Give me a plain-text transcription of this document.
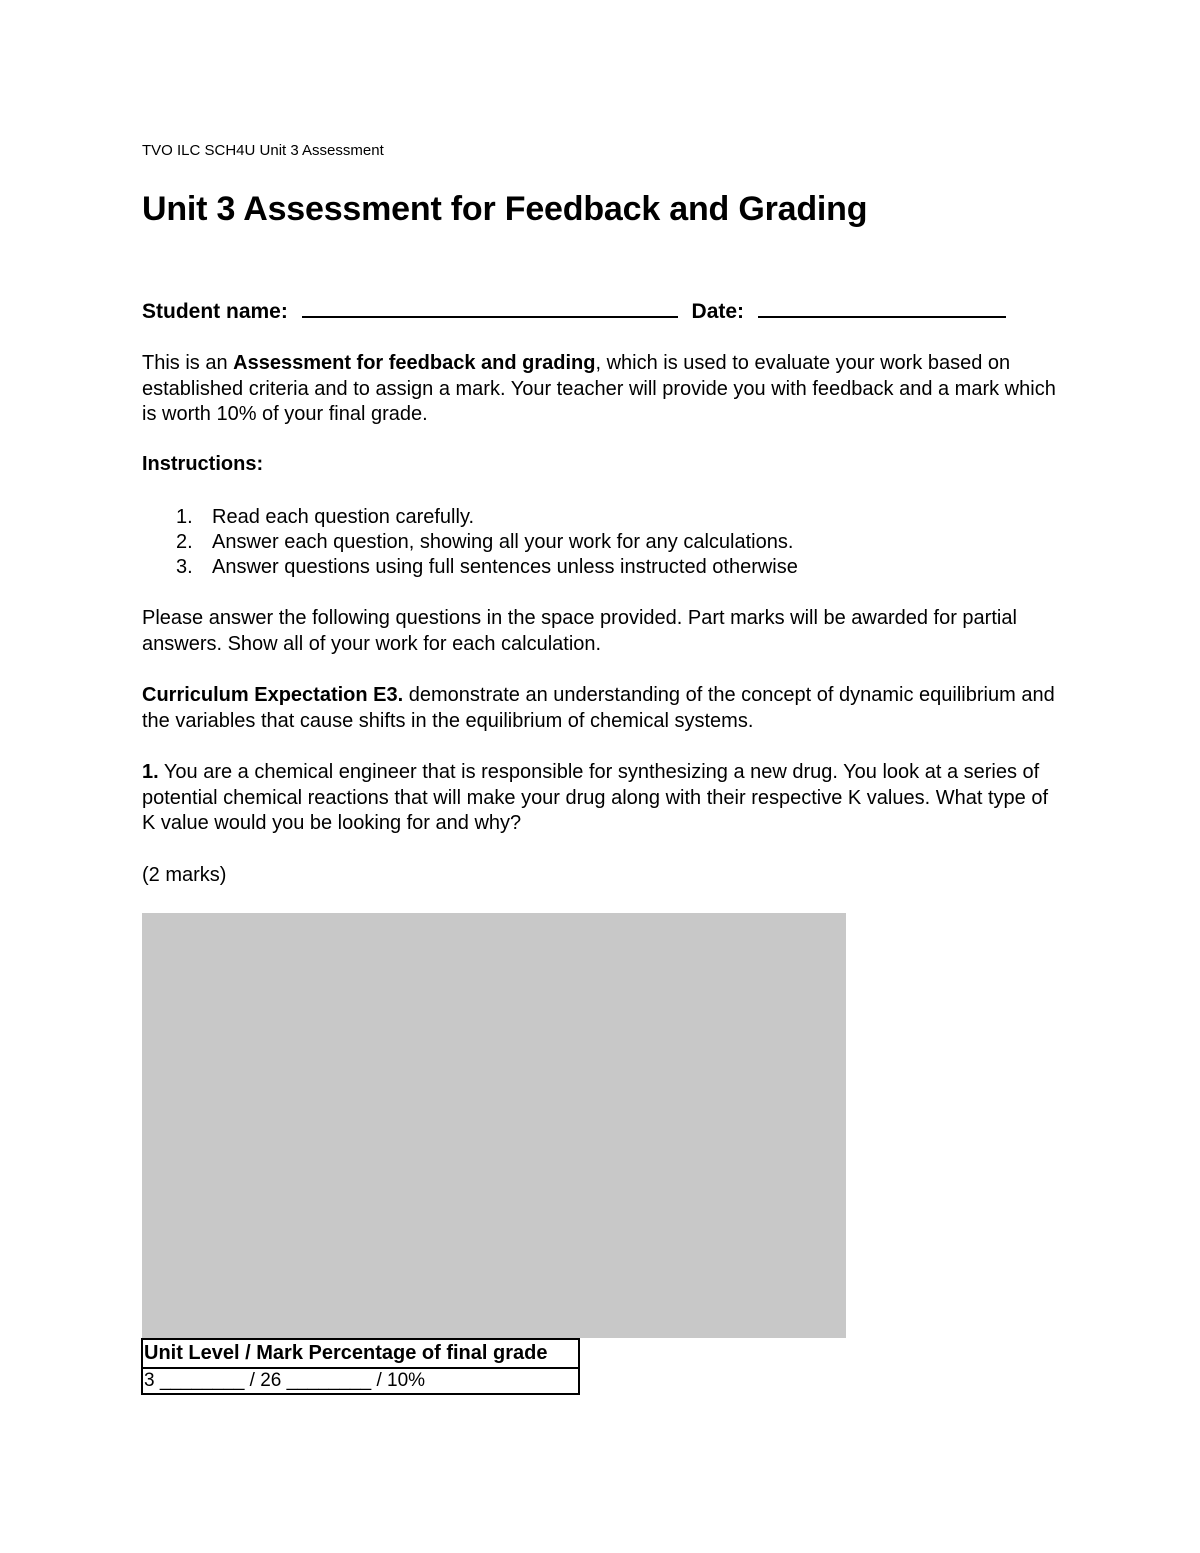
TVO ILC SCH4U Unit 3 Assessment
Unit 3 Assessment for Feedback and Grading
Student name:	Date:
This is an Assessment for feedback and grading, which is used to evaluate your work based on established criteria and to assign a mark. Your teacher will provide you with feedback and a mark which is worth 10% of your final grade.
Instructions:
1. Read each question carefully.
2. Answer each question, showing all your work for any calculations.
3. Answer questions using full sentences unless instructed otherwise
Please answer the following questions in the space provided. Part marks will be awarded for partial answers. Show all of your work for each calculation.
Curriculum Expectation E3. demonstrate an understanding of the concept of dynamic equilibrium and the variables that cause shifts in the equilibrium of chemical systems.
1. You are a chemical engineer that is responsible for synthesizing a new drug. You look at a series of potential chemical reactions that will make your drug along with their respective K values. What type of K value would you be looking for and why?
(2 marks)
Unit Level / Mark Percentage of final grade
3 ________ / 26 ________ / 10%
